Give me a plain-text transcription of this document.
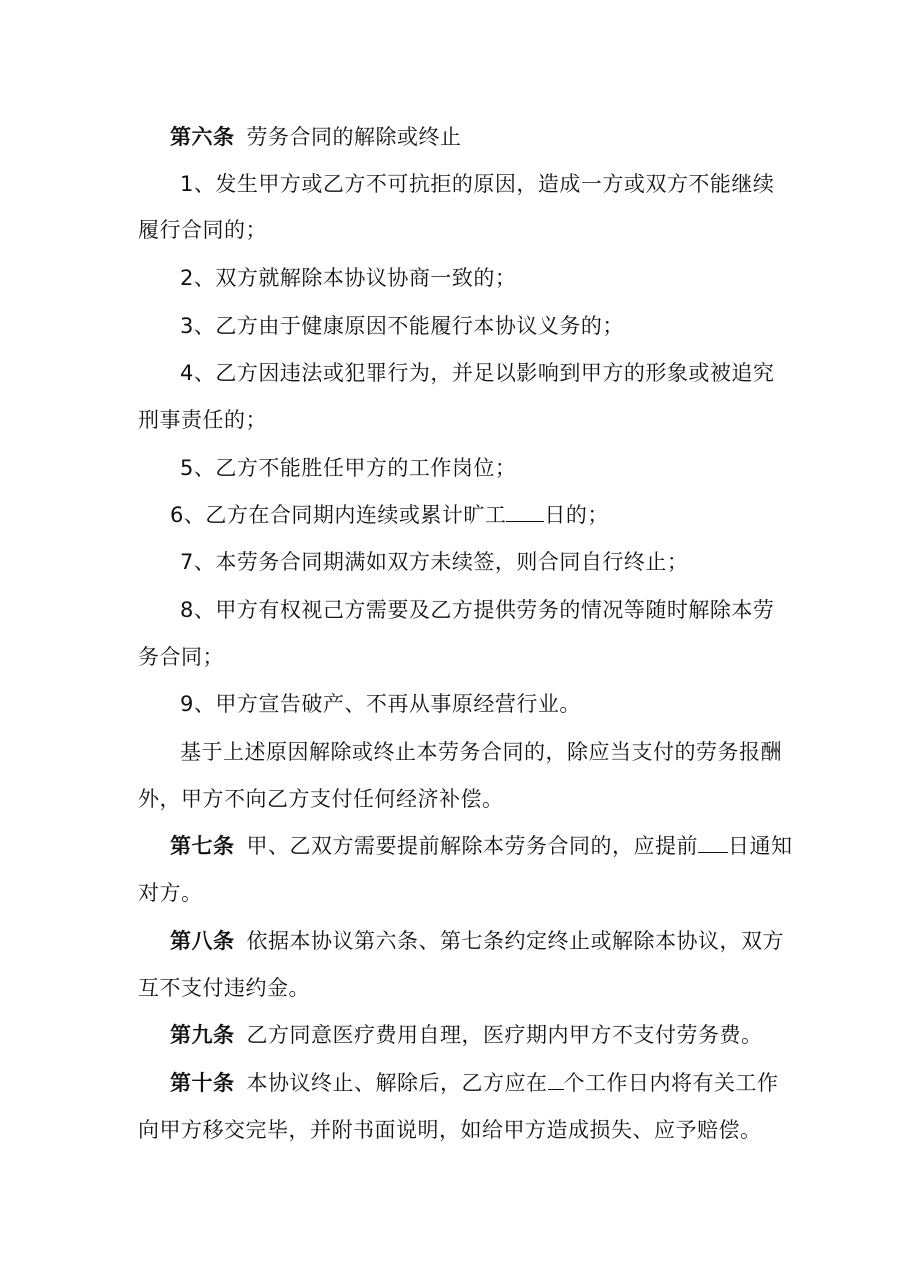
第六条 劳务合同的解除或终止
1、发生甲方或乙方不可抗拒的原因，造成一方或双方不能继续
履行合同的；
2、双方就解除本协议协商一致的；
3、乙方由于健康原因不能履行本协议义务的；
4、乙方因违法或犯罪行为，并足以影响到甲方的形象或被追究
刑事责任的；
5、乙方不能胜任甲方的工作岗位；
6、乙方在合同期内连续或累计旷工 日的；
7、本劳务合同期满如双方未续签，则合同自行终止；
8、甲方有权视己方需要及乙方提供劳务的情况等随时解除本劳
务合同；
9、甲方宣告破产、不再从事原经营行业。
基于上述原因解除或终止本劳务合同的，除应当支付的劳务报酬
外，甲方不向乙方支付任何经济补偿。
第七条 甲、乙双方需要提前解除本劳务合同的，应提前 日通知
对方。
第八条 依据本协议第六条、第七条约定终止或解除本协议，双方
互不支付违约金。
第九条 乙方同意医疗费用自理，医疗期内甲方不支付劳务费。
第十条 本协议终止、解除后，乙方应在 个工作日内将有关工作
向甲方移交完毕，并附书面说明，如给甲方造成损失、应予赔偿。
